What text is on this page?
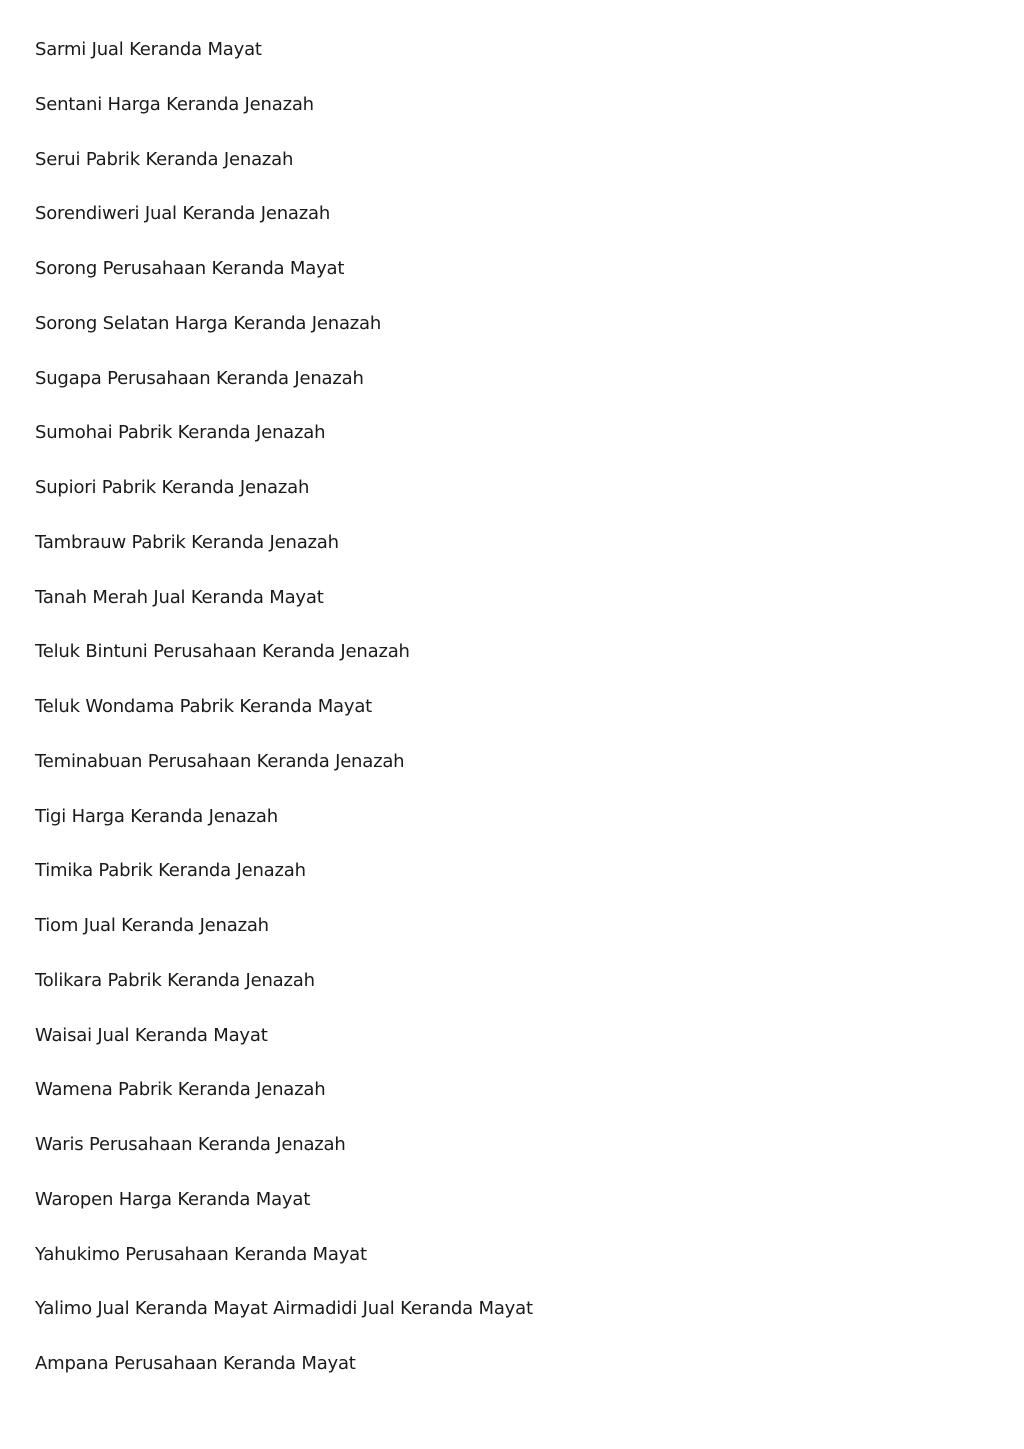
Sarmi Jual Keranda Mayat
Sentani Harga Keranda Jenazah
Serui Pabrik Keranda Jenazah
Sorendiweri Jual Keranda Jenazah
Sorong Perusahaan Keranda Mayat
Sorong Selatan Harga Keranda Jenazah
Sugapa Perusahaan Keranda Jenazah
Sumohai Pabrik Keranda Jenazah
Supiori Pabrik Keranda Jenazah
Tambrauw Pabrik Keranda Jenazah
Tanah Merah Jual Keranda Mayat
Teluk Bintuni Perusahaan Keranda Jenazah
Teluk Wondama Pabrik Keranda Mayat
Teminabuan Perusahaan Keranda Jenazah
Tigi Harga Keranda Jenazah
Timika Pabrik Keranda Jenazah
Tiom Jual Keranda Jenazah
Tolikara Pabrik Keranda Jenazah
Waisai Jual Keranda Mayat
Wamena Pabrik Keranda Jenazah
Waris Perusahaan Keranda Jenazah
Waropen Harga Keranda Mayat
Yahukimo Perusahaan Keranda Mayat
Yalimo Jual Keranda Mayat Airmadidi Jual Keranda Mayat
Ampana Perusahaan Keranda Mayat
